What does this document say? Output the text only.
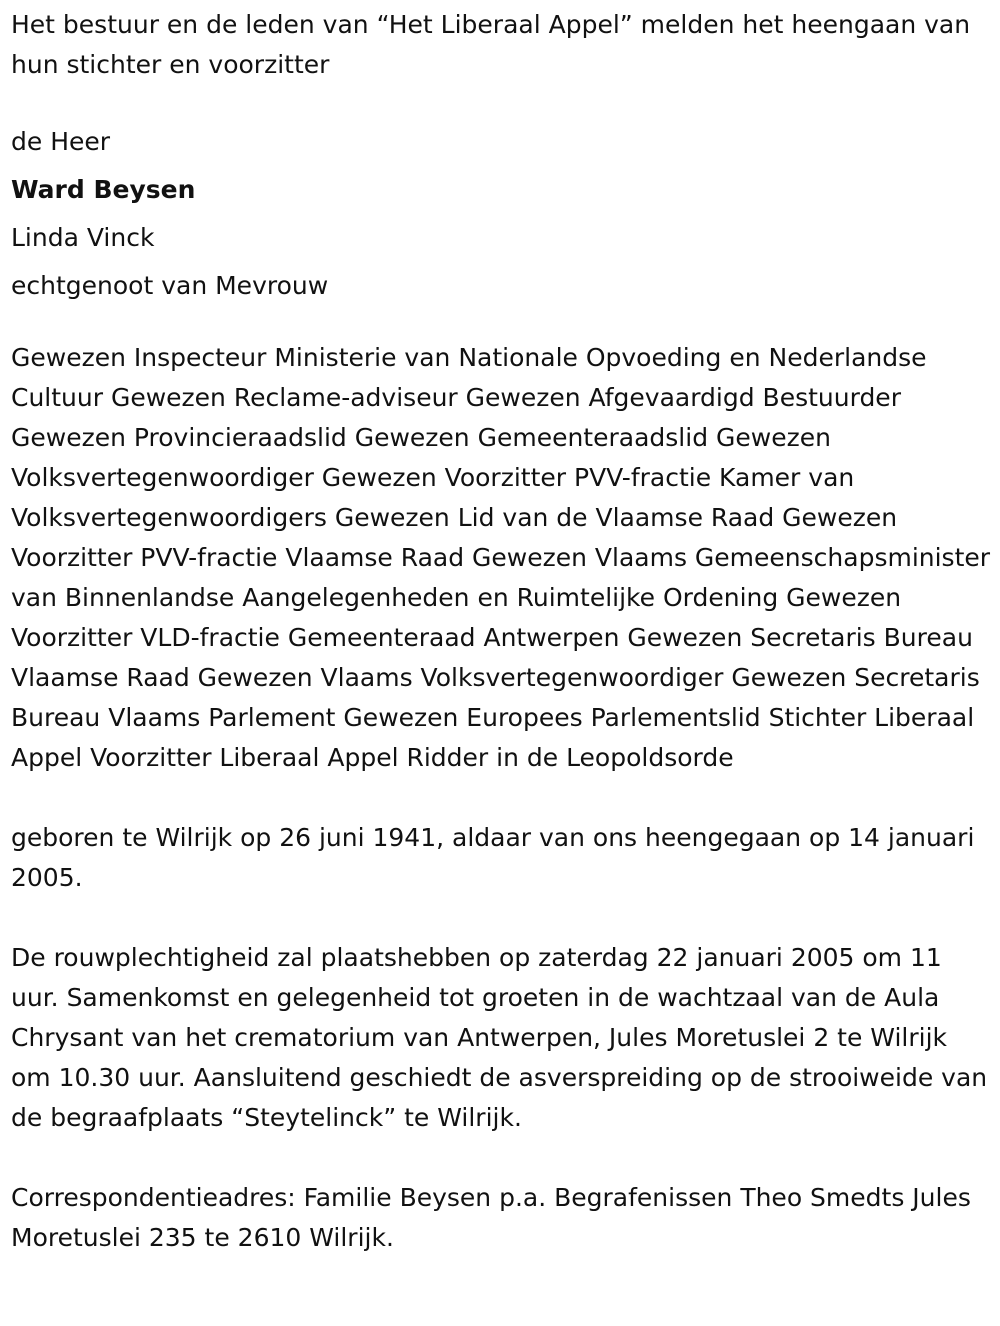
Het bestuur en de leden van “Het Liberaal Appel” melden het heengaan van hun stichter en voorzitter

de Heer

Ward Beysen

Linda Vinck

echtgenoot van Mevrouw

Gewezen Inspecteur Ministerie van Nationale Opvoeding en Nederlandse Cultuur Gewezen Reclame-adviseur Gewezen Afgevaardigd Bestuurder Gewezen Provincieraadslid Gewezen Gemeenteraadslid Gewezen Volksvertegenwoordiger Gewezen Voorzitter PVV-fractie Kamer van Volksvertegenwoordigers Gewezen Lid van de Vlaamse Raad Gewezen Voorzitter PVV-fractie Vlaamse Raad Gewezen Vlaams Gemeenschapsminister van Binnenlandse Aangelegenheden en Ruimtelijke Ordening Gewezen Voorzitter VLD-fractie Gemeenteraad Antwerpen Gewezen Secretaris Bureau Vlaamse Raad Gewezen Vlaams Volksvertegenwoordiger Gewezen Secretaris Bureau Vlaams Parlement Gewezen Europees Parlementslid Stichter Liberaal Appel Voorzitter Liberaal Appel Ridder in de Leopoldsorde

geboren te Wilrijk op 26 juni 1941, aldaar van ons heengegaan op 14 januari 2005.

De rouwplechtigheid zal plaatshebben op zaterdag 22 januari 2005 om 11 uur. Samenkomst en gelegenheid tot groeten in de wachtzaal van de Aula Chrysant van het crematorium van Antwerpen, Jules Moretuslei 2 te Wilrijk om 10.30 uur. Aansluitend geschiedt de asverspreiding op de strooiweide van de begraafplaats “Steytelinck” te Wilrijk.

Correspondentieadres: Familie Beysen p.a. Begrafenissen Theo Smedts Jules Moretuslei 235 te 2610 Wilrijk.
